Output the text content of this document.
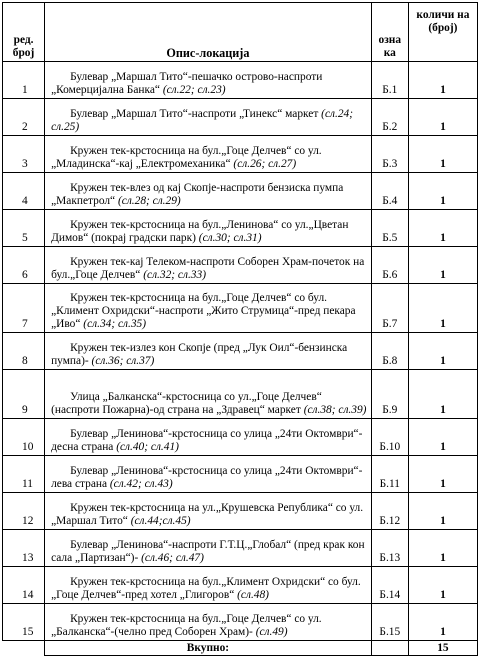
ред. број	Опис-локација	озна ка	количи на (број)
1	Булевар „Маршал Тито“-пешачко острово-наспроти „Комерцијална Банка“ (сл.22; сл.23)	Б.1	1
2	Булевар „Маршал Тито“-наспроти „Тинекс“ маркет (сл.24; сл.25)	Б.2	1
3	Кружен тек-крстосница на бул.„Гоце Делчев“ со ул.„Младинска“-кај „Електромеханика“ (сл.26; сл.27)	Б.3	1
4	Кружен тек-влез од кај Скопје-наспроти бензиска пумпа „Макпетрол“ (сл.28; сл.29)	Б.4	1
5	Кружен тек-крстосница на бул.„Ленинова“ со ул.„Цветан Димов“ (покрај градски парк) (сл.30; сл.31)	Б.5	1
6	Кружен тек-кај Телеком-наспроти Соборен Храм-почеток на бул.„Гоце Делчев“ (сл.32; сл.33)	Б.6	1
7	Кружен тек-крстосница на бул.„Гоце Делчев“ со бул. „Климент Охридски“-наспроти „Жито Струмица“-пред пекара „Иво“ (сл.34; сл.35)	Б.7	1
8	Кружен тек-излез кон Скопје (пред „Лук Оил“-бензинска пумпа)- (сл.36; сл.37)	Б.8	1
9	Улица „Балканска“-крстосница со ул.„Гоце Делчев“ (наспроти Пожарна)-од страна на „Здравец“ маркет (сл.38; сл.39)	Б.9	1
10	Булевар „Ленинова“-крстосница со улица „24ти Октомври“-десна страна (сл.40; сл.41)	Б.10	1
11	Булевар „Ленинова“-крстосница со улица „24ти Октомври“-лева страна (сл.42; сл.43)	Б.11	1
12	Кружен тек-крстосница на ул.„Крушевска Република“ со ул.„Маршал Тито“ (сл.44;сл.45)	Б.12	1
13	Булевар „Ленинова“-наспроти Г.Т.Ц.„Глобал“ (пред крак кон сала „Партизан“)- (сл.46; сл.47)	Б.13	1
14	Кружен тек-крстосница на бул.„Климент Охридски“ со бул.„Гоце Делчев“-пред хотел „Глигоров“ (сл.48)	Б.14	1
15	Кружен тек-крстосница на бул.„Гоце Делчев“ со ул.„Балканска“-(челно пред Соборен Храм)- (сл.49)	Б.15	1
	Вкупно:		15
